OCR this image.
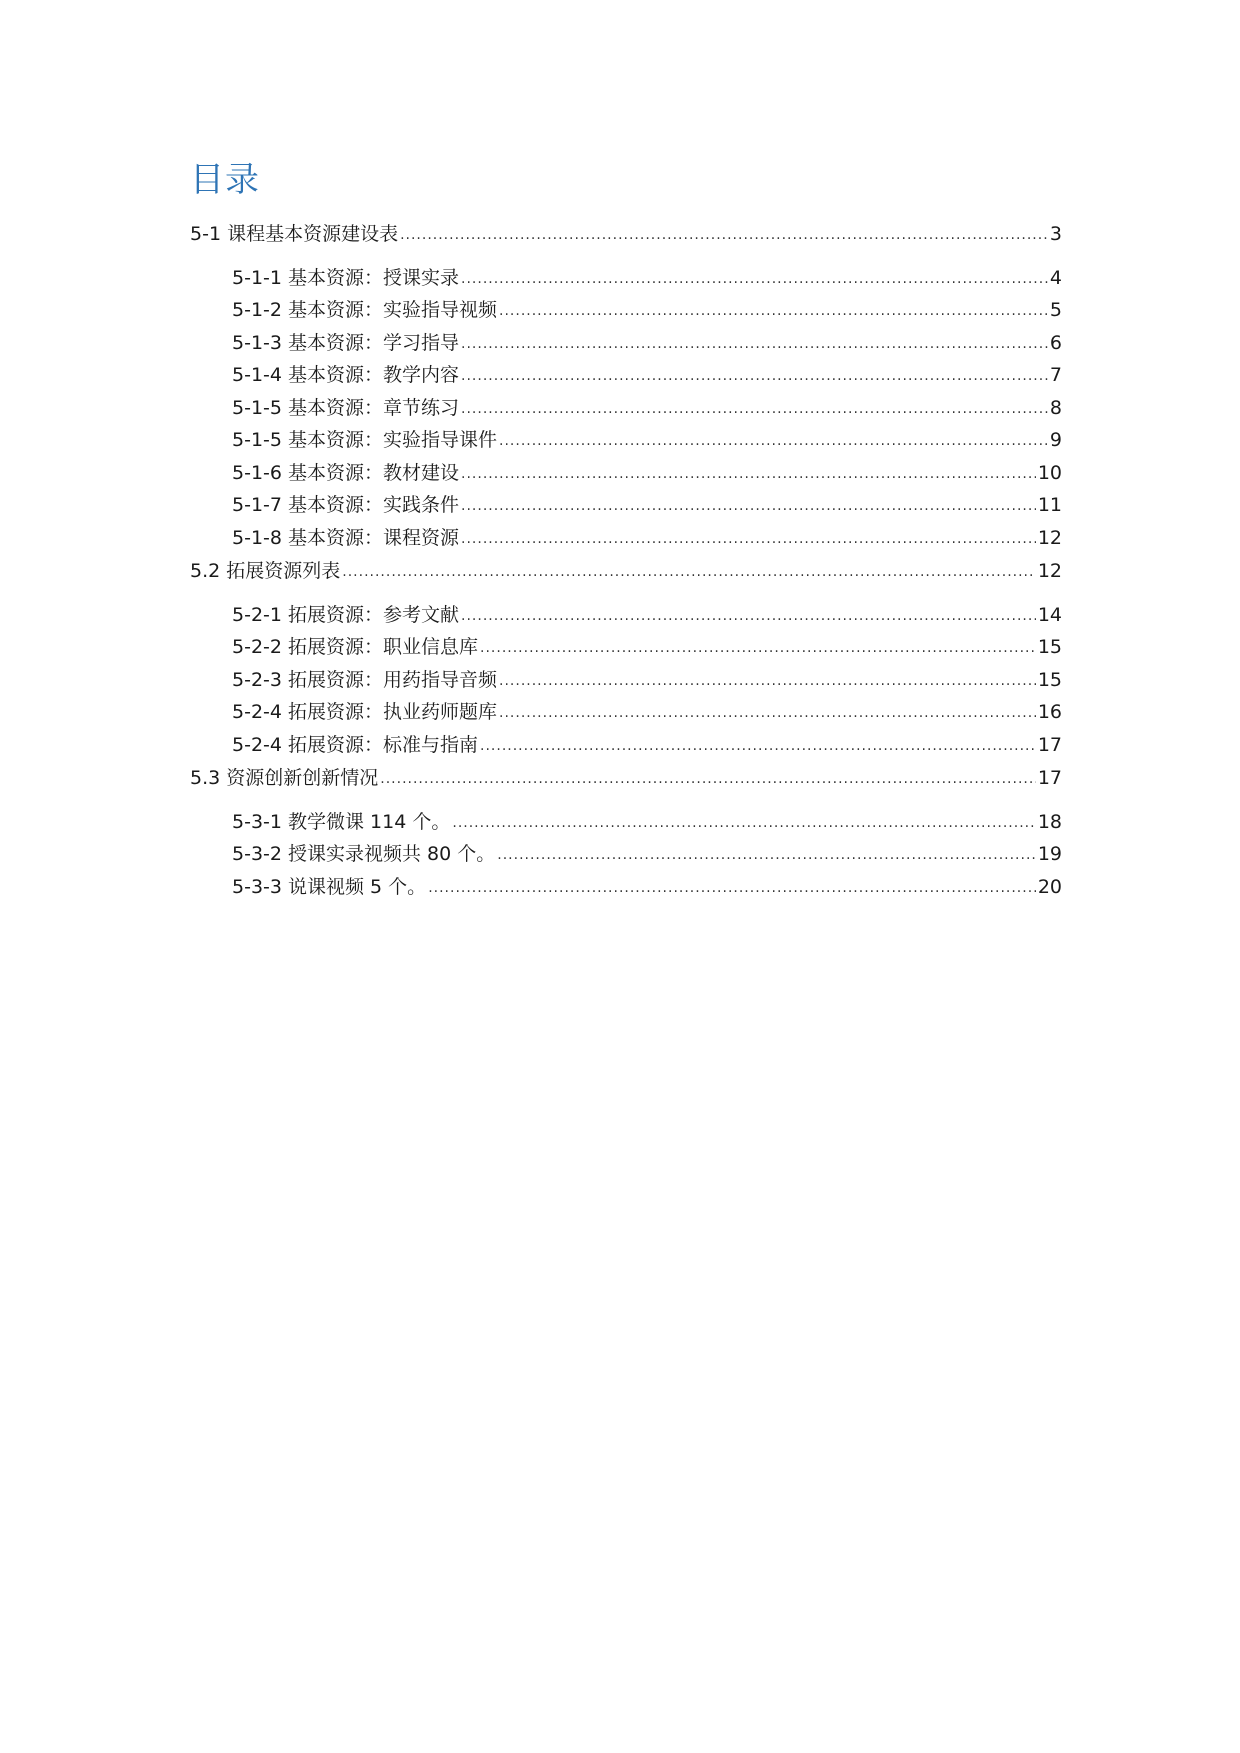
目录
5-1 课程基本资源建设表 .....	3
5-1-1 基本资源：授课实录 .....	4
5-1-2 基本资源：实验指导视频 .....	5
5-1-3 基本资源：学习指导 .....	6
5-1-4 基本资源：教学内容 .....	7
5-1-5 基本资源：章节练习 .....	8
5-1-5 基本资源：实验指导课件 .....	9
5-1-6 基本资源：教材建设 .....	10
5-1-7 基本资源：实践条件 .....	11
5-1-8 基本资源：课程资源 .....	12
5.2 拓展资源列表 .....	12
5-2-1 拓展资源：参考文献 .....	14
5-2-2 拓展资源：职业信息库 .....	15
5-2-3 拓展资源：用药指导音频 .....	15
5-2-4 拓展资源：执业药师题库 .....	16
5-2-4 拓展资源：标准与指南 .....	17
5.3 资源创新创新情况 .....	17
5-3-1 教学微课 114 个。 .....	18
5-3-2 授课实录视频共 80 个。 .....	19
5-3-3 说课视频 5 个。 .....	20
